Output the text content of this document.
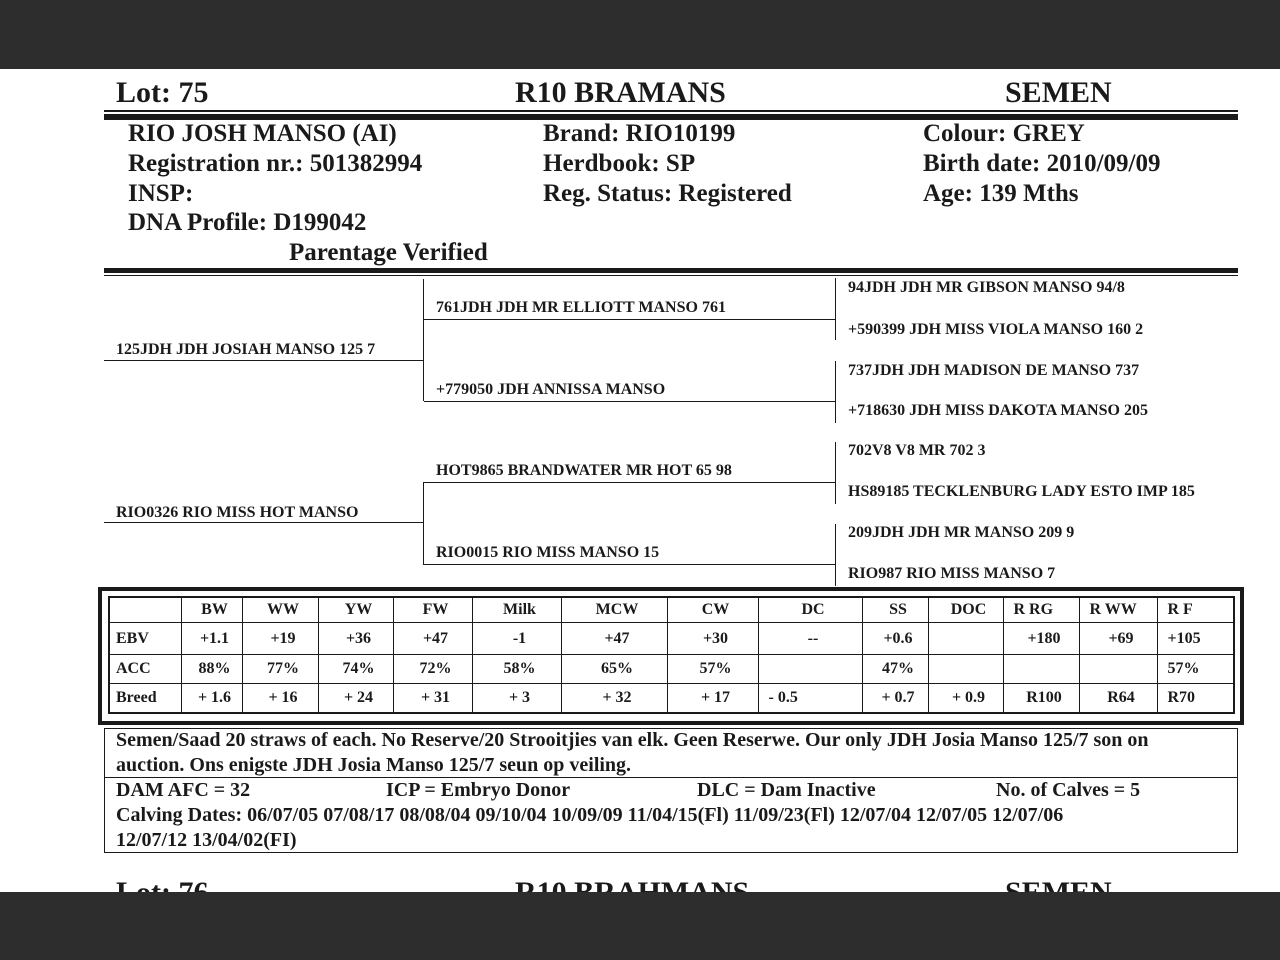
Lot: 75	R10 BRAMANS	SEMEN
RIO JOSH MANSO (AI)
Registration nr.: 501382994
INSP:
DNA Profile: D199042
Parentage Verified
Brand: RIO10199
Herdbook: SP
Reg. Status: Registered
Colour: GREY
Birth date: 2010/09/09
Age: 139 Mths
125JDH JDH JOSIAH MANSO 125 7
RIO0326 RIO MISS HOT MANSO
761JDH JDH MR ELLIOTT MANSO 761
+779050 JDH ANNISSA MANSO
HOT9865 BRANDWATER MR HOT 65 98
RIO0015 RIO MISS MANSO 15
94JDH JDH MR GIBSON MANSO 94/8
+590399 JDH MISS VIOLA MANSO 160 2
737JDH JDH MADISON DE MANSO 737
+718630 JDH MISS DAKOTA MANSO 205
702V8 V8 MR 702 3
HS89185 TECKLENBURG LADY ESTO IMP 185
209JDH JDH MR MANSO 209 9
RIO987 RIO MISS MANSO 7
	BW	WW	YW	FW	Milk	MCW	CW	DC	SS	DOC	R RG	R WW	R F
EBV	+1.1	+19	+36	+47	-1	+47	+30	--	+0.6		+180	+69	+105
ACC	88%	77%	74%	72%	58%	65%	57%		47%				57%
Breed	+ 1.6	+ 16	+ 24	+ 31	+ 3	+ 32	+ 17	- 0.5	+ 0.7	+ 0.9	R100	R64	R70
Semen/Saad 20 straws of each. No Reserve/20 Strooitjies van elk. Geen Reserwe. Our only JDH Josia Manso 125/7 son on
auction. Ons enigste JDH Josia Manso 125/7 seun op veiling.
DAM AFC = 32	ICP = Embryo Donor	DLC = Dam Inactive	No. of Calves = 5
Calving Dates: 06/07/05 07/08/17 08/08/04 09/10/04 10/09/09 11/04/15(Fl) 11/09/23(Fl) 12/07/04 12/07/05 12/07/06
12/07/12 13/04/02(FI)
